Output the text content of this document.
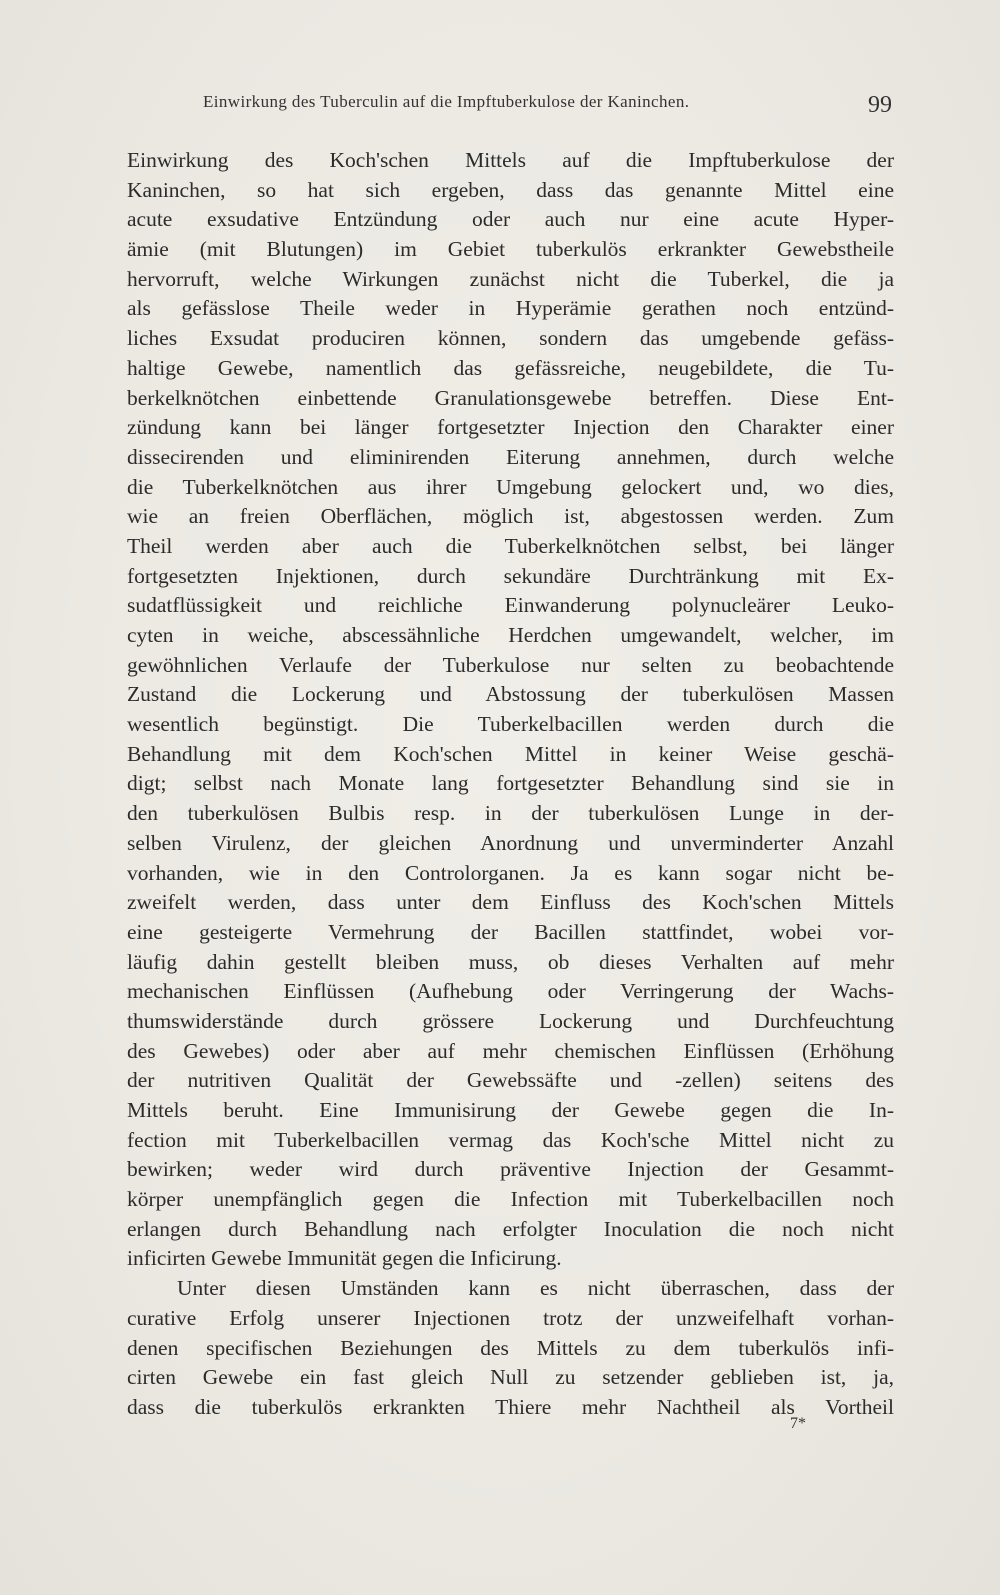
Einwirkung des Tuberculin auf die Impftuberkulose der Kaninchen.	99
Einwirkung des Koch'schen Mittels auf die Impftuberkulose der
Kaninchen, so hat sich ergeben, dass das genannte Mittel eine
acute exsudative Entzündung oder auch nur eine acute Hyper-
ämie (mit Blutungen) im Gebiet tuberkulös erkrankter Gewebstheile
hervorruft, welche Wirkungen zunächst nicht die Tuberkel, die ja
als gefässlose Theile weder in Hyperämie gerathen noch entzünd-
liches Exsudat produciren können, sondern das umgebende gefäss-
haltige Gewebe, namentlich das gefässreiche, neugebildete, die Tu-
berkelknötchen einbettende Granulationsgewebe betreffen. Diese Ent-
zündung kann bei länger fortgesetzter Injection den Charakter einer
dissecirenden und eliminirenden Eiterung annehmen, durch welche
die Tuberkelknötchen aus ihrer Umgebung gelockert und, wo dies,
wie an freien Oberflächen, möglich ist, abgestossen werden. Zum
Theil werden aber auch die Tuberkelknötchen selbst, bei länger
fortgesetzten Injektionen, durch sekundäre Durchtränkung mit Ex-
sudatflüssigkeit und reichliche Einwanderung polynucleärer Leuko-
cyten in weiche, abscessähnliche Herdchen umgewandelt, welcher, im
gewöhnlichen Verlaufe der Tuberkulose nur selten zu beobachtende
Zustand die Lockerung und Abstossung der tuberkulösen Massen
wesentlich begünstigt. Die Tuberkelbacillen werden durch die
Behandlung mit dem Koch'schen Mittel in keiner Weise geschä-
digt; selbst nach Monate lang fortgesetzter Behandlung sind sie in
den tuberkulösen Bulbis resp. in der tuberkulösen Lunge in der-
selben Virulenz, der gleichen Anordnung und unverminderter Anzahl
vorhanden, wie in den Controlorganen. Ja es kann sogar nicht be-
zweifelt werden, dass unter dem Einfluss des Koch'schen Mittels
eine gesteigerte Vermehrung der Bacillen stattfindet, wobei vor-
läufig dahin gestellt bleiben muss, ob dieses Verhalten auf mehr
mechanischen Einflüssen (Aufhebung oder Verringerung der Wachs-
thumswiderstände durch grössere Lockerung und Durchfeuchtung
des Gewebes) oder aber auf mehr chemischen Einflüssen (Erhöhung
der nutritiven Qualität der Gewebssäfte und -zellen) seitens des
Mittels beruht. Eine Immunisirung der Gewebe gegen die In-
fection mit Tuberkelbacillen vermag das Koch'sche Mittel nicht zu
bewirken; weder wird durch präventive Injection der Gesammt-
körper unempfänglich gegen die Infection mit Tuberkelbacillen noch
erlangen durch Behandlung nach erfolgter Inoculation die noch nicht
inficirten Gewebe Immunität gegen die Inficirung.
Unter diesen Umständen kann es nicht überraschen, dass der
curative Erfolg unserer Injectionen trotz der unzweifelhaft vorhan-
denen specifischen Beziehungen des Mittels zu dem tuberkulös infi-
cirten Gewebe ein fast gleich Null zu setzender geblieben ist, ja,
dass die tuberkulös erkrankten Thiere mehr Nachtheil als Vortheil
7*
